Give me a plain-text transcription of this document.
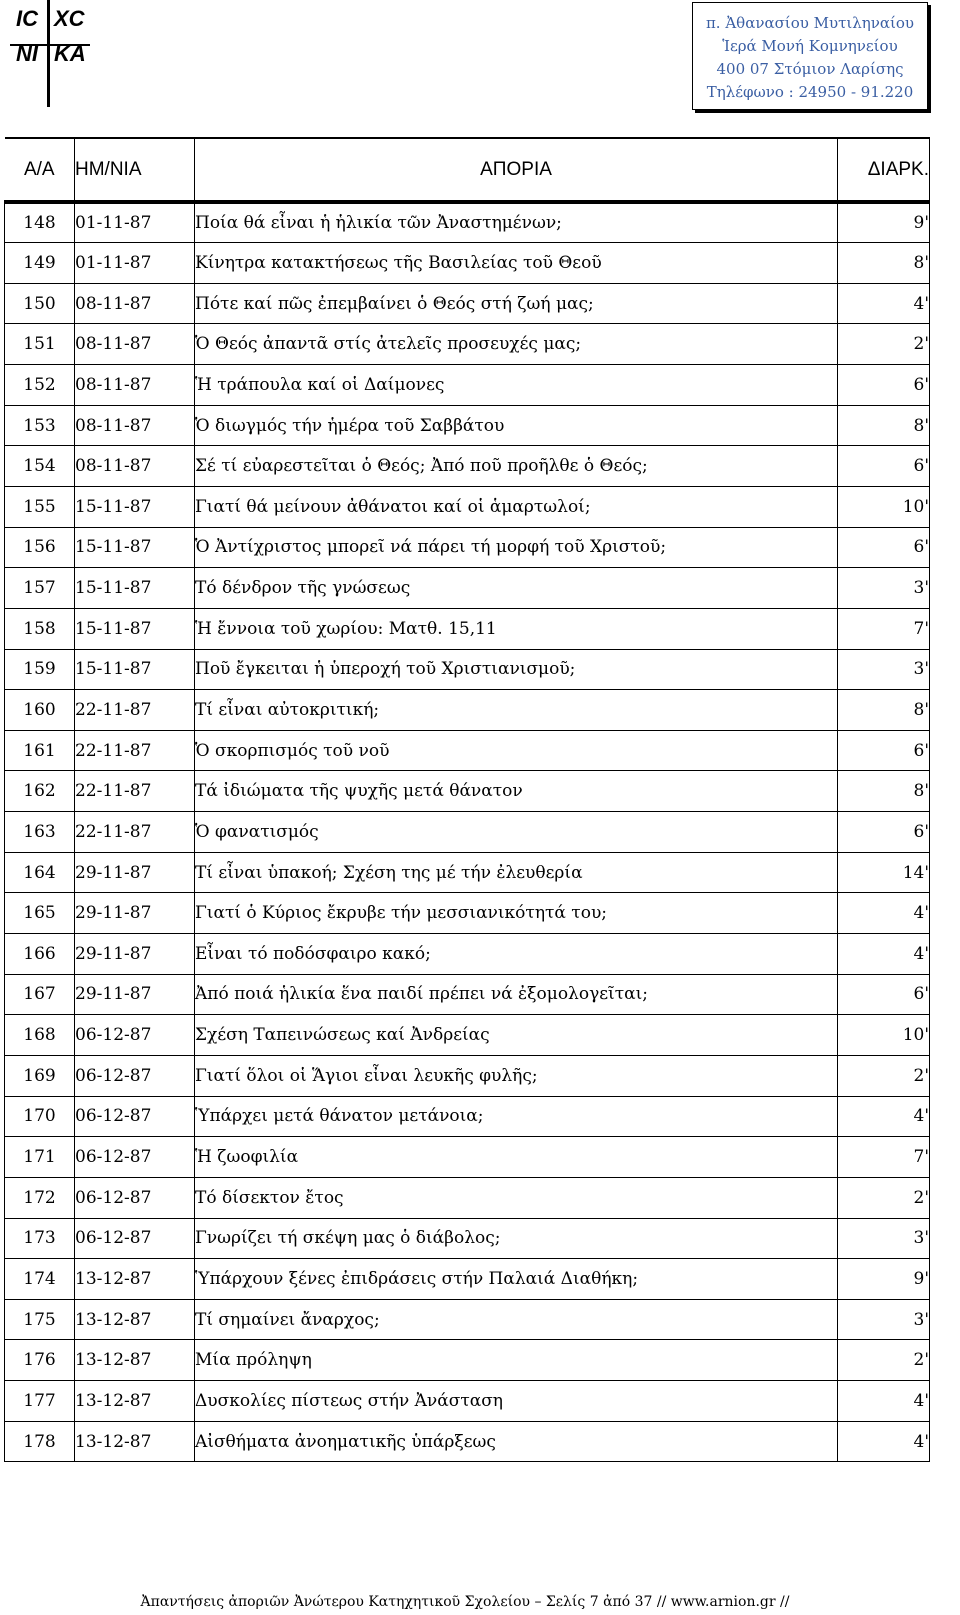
IC XC
NI KA
π. Ἀθανασίου Μυτιληναίου
Ἱερά Μονή Κομνηνείου
400 07 Στόμιον Λαρίσης
Τηλέφωνο : 24950 - 91.220
Α/Α	ΗΜ/ΝΙΑ	ΑΠΟΡΙΑ	ΔΙΑΡΚ.
148	01-11-87	Ποία θά εἶναι ἡ ἡλικία τῶν Ἀναστημένων;	9'
149	01-11-87	Κίνητρα κατακτήσεως τῆς Βασιλείας τοῦ Θεοῦ	8'
150	08-11-87	Πότε καί πῶς ἐπεμβαίνει ὁ Θεός στή ζωή μας;	4'
151	08-11-87	Ὁ Θεός ἀπαντᾶ στίς ἀτελεῖς προσευχές μας;	2'
152	08-11-87	Ἡ τράπουλα καί οἱ Δαίμονες	6'
153	08-11-87	Ὁ διωγμός τήν ἡμέρα τοῦ Σαββάτου	8'
154	08-11-87	Σέ τί εὐαρεστεῖται ὁ Θεός; Ἀπό ποῦ προῆλθε ὁ Θεός;	6'
155	15-11-87	Γιατί θά μείνουν ἀθάνατοι καί οἱ ἁμαρτωλοί;	10'
156	15-11-87	Ὁ Ἀντίχριστος μπορεῖ νά πάρει τή μορφή τοῦ Χριστοῦ;	6'
157	15-11-87	Τό δένδρον τῆς γνώσεως	3'
158	15-11-87	Ἡ ἔννοια τοῦ χωρίου: Ματθ. 15,11	7'
159	15-11-87	Ποῦ ἔγκειται ἡ ὑπεροχή τοῦ Χριστιανισμοῦ;	3'
160	22-11-87	Τί εἶναι αὐτοκριτική;	8'
161	22-11-87	Ὁ σκορπισμός τοῦ νοῦ	6'
162	22-11-87	Τά ἰδιώματα τῆς ψυχῆς μετά θάνατον	8'
163	22-11-87	Ὁ φανατισμός	6'
164	29-11-87	Τί εἶναι ὑπακοή; Σχέση της μέ τήν ἐλευθερία	14'
165	29-11-87	Γιατί ὁ Κύριος ἔκρυβε τήν μεσσιανικότητά του;	4'
166	29-11-87	Εἶναι τό ποδόσφαιρο κακό;	4'
167	29-11-87	Ἀπό ποιά ἡλικία ἕνα παιδί πρέπει νά ἐξομολογεῖται;	6'
168	06-12-87	Σχέση Ταπεινώσεως καί Ἀνδρείας	10'
169	06-12-87	Γιατί ὅλοι οἱ Ἅγιοι εἶναι λευκῆς φυλῆς;	2'
170	06-12-87	Ὑπάρχει μετά θάνατον μετάνοια;	4'
171	06-12-87	Ἡ ζωοφιλία	7'
172	06-12-87	Τό δίσεκτον ἔτος	2'
173	06-12-87	Γνωρίζει τή σκέψη μας ὁ διάβολος;	3'
174	13-12-87	Ὑπάρχουν ξένες ἐπιδράσεις στήν Παλαιά Διαθήκη;	9'
175	13-12-87	Τί σημαίνει ἄναρχος;	3'
176	13-12-87	Μία πρόληψη	2'
177	13-12-87	Δυσκολίες πίστεως στήν Ἀνάσταση	4'
178	13-12-87	Αἰσθήματα ἀνοηματικῆς ὑπάρξεως	4'
Ἀπαντήσεις ἀποριῶν Ἀνώτερου Κατηχητικοῦ Σχολείου – Σελίς 7 ἀπό 37 // www.arnion.gr //
